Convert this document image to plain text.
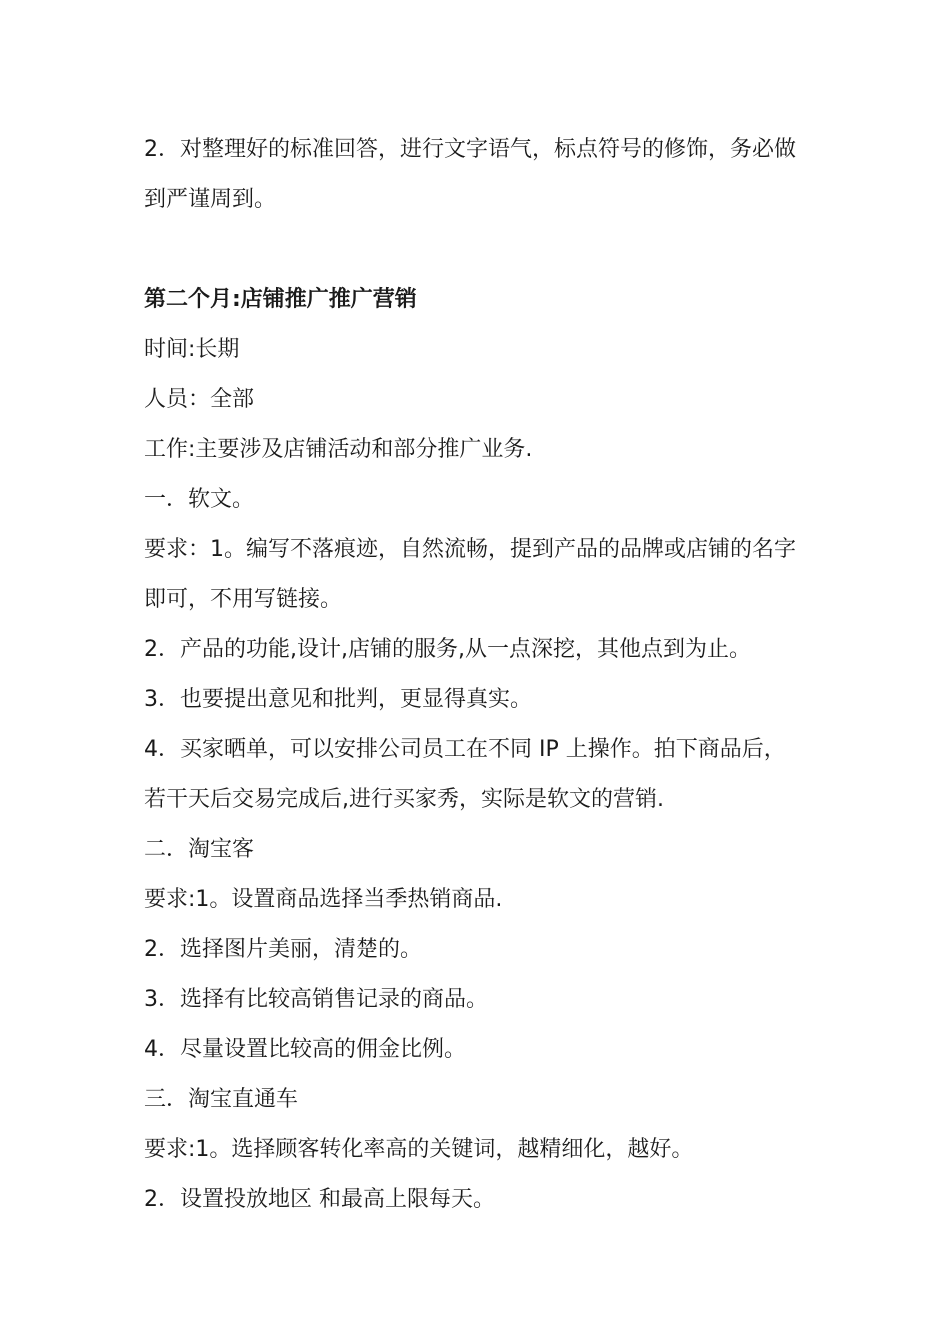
2．对整理好的标准回答，进行文字语气，标点符号的修饰，务必做
到严谨周到。
第二个月:店铺推广推广营销
时间:长期
人员：全部
工作:主要涉及店铺活动和部分推广业务.
一．软文。
要求：1。编写不落痕迹，自然流畅，提到产品的品牌或店铺的名字
即可，不用写链接。
2．产品的功能,设计,店铺的服务,从一点深挖，其他点到为止。
3．也要提出意见和批判，更显得真实。
4．买家晒单，可以安排公司员工在不同 IP 上操作。拍下商品后，
若干天后交易完成后,进行买家秀，实际是软文的营销.
二．淘宝客
要求:1。设置商品选择当季热销商品.
2．选择图片美丽，清楚的。
3．选择有比较高销售记录的商品。
4．尽量设置比较高的佣金比例。
三．淘宝直通车
要求:1。选择顾客转化率高的关键词，越精细化，越好。
2．设置投放地区 和最高上限每天。
